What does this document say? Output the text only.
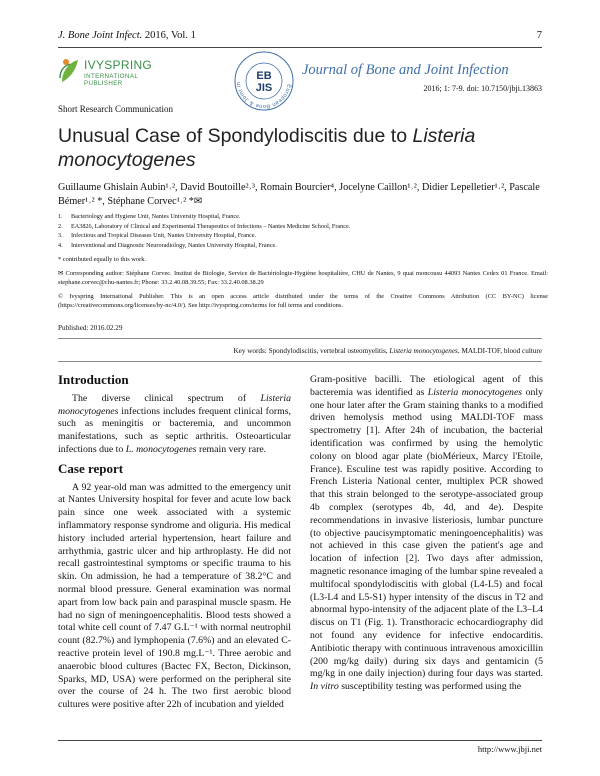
J. Bone Joint Infect. 2016, Vol. 1	7
IVYSPRING
INTERNATIONAL PUBLISHER	European Bone & Joint In
EB
JIS
Journal of Bone and Joint Infection
2016; 1: 7-9. doi: 10.7150/jbji.13863
Short Research Communication
Unusual Case of Spondylodiscitis due to Listeria monocytogenes
Guillaume Ghislain Aubin¹˒², David Boutoille²˒³, Romain Bourcier⁴, Jocelyne Caillon¹˒², Didier Lepelletier¹˒², Pascale Bémer¹˒² *, Stéphane Corvec¹˒² *✉
1.	Bacteriology and Hygiene Unit, Nantes University Hospital, France.
2.	EA3826, Laboratory of Clinical and Experimental Therapeutics of Infections – Nantes Medicine School, France.
3.	Infectious and Tropical Diseases Unit, Nantes University Hospital, France.
4.	Interventional and Diagnostic Neuroradiology, Nantes University Hospital, France.
* contributed equally to this work.
✉ Corresponding author: Stéphane Corvec. Institut de Biologie, Service de Bactériologie-Hygiène hospitalière, CHU de Nantes, 9 quai moncousu 44093 Nantes Cedex 01 France. Email: stephane.corvec@chu-nantes.fr; Phone: 33.2.40.08.39.55; Fax: 33.2.40.08.38.29
© Ivyspring International Publisher. This is an open access article distributed under the terms of the Creative Commons Attribution (CC BY-NC) license (https://creativecommons.org/licenses/by-nc/4.0/). See http://ivyspring.com/terms for full terms and conditions.
Published: 2016.02.29
Key words: Spondylodiscitis, vertebral osteomyelitis, Listeria monocytogenes, MALDI-TOF, blood culture
Introduction

The diverse clinical spectrum of Listeria monocytogenes infections includes frequent clinical forms, such as meningitis or bacteremia, and uncommon manifestations, such as septic arthritis. Osteoarticular infections due to L. monocytogenes remain very rare.

Case report

A 92 year-old man was admitted to the emergency unit at Nantes University hospital for fever and acute low back pain since one week associated with a systemic inflammatory response syndrome and oliguria. His medical history included arterial hypertension, heart failure and arrhythmia, gastric ulcer and hip arthroplasty. He did not recall gastrointestinal symptoms or specific trauma to his skin. On admission, he had a temperature of 38.2°C and normal blood pressure. General examination was normal apart from low back pain and paraspinal muscle spasm. He had no sign of meningoencephalitis. Blood tests showed a total white cell count of 7.47 G.L⁻¹ with normal neutrophil count (82.7%) and lymphopenia (7.6%) and an elevated C-reactive protein level of 190.8 mg.L⁻¹. Three aerobic and anaerobic blood cultures (Bactec FX, Becton, Dickinson, Sparks, MD, USA) were performed on the peripheral site over the course of 24 h. The two first aerobic blood cultures were positive after 22h of incubation and yielded

Gram-positive bacilli. The etiological agent of this bacteremia was identified as Listeria monocytogenes only one hour later after the Gram staining thanks to a modified driven hemolysis method using MALDI-TOF mass spectrometry [1]. After 24h of incubation, the bacterial identification was confirmed by using the hemolytic colony on blood agar plate (bioMérieux, Marcy l'Etoile, France). Esculine test was rapidly positive. According to French Listeria National center, multiplex PCR showed that this strain belonged to the serotype-associated group 4b complex (serotypes 4b, 4d, and 4e). Despite recommendations in invasive listeriosis, lumbar puncture (to objective paucisymptomatic meningoencephalitis) was not achieved in this case given the patient's age and location of infection [2]. Two days after admission, magnetic resonance imaging of the lumbar spine revealed a multifocal spondylodiscitis with global (L4-L5) and focal (L3-L4 and L5-S1) hyper intensity of the discus in T2 and abnormal hypo-intensity of the adjacent plate of the L3–L4 discus on T1 (Fig. 1). Transthoracic echocardiography did not found any evidence for infective endocarditis. Antibiotic therapy with continuous intravenous amoxicillin (200 mg/kg daily) during six days and gentamicin (5 mg/kg in one daily injection) during four days was started. In vitro susceptibility testing was performed using the

http://www.jbji.net
